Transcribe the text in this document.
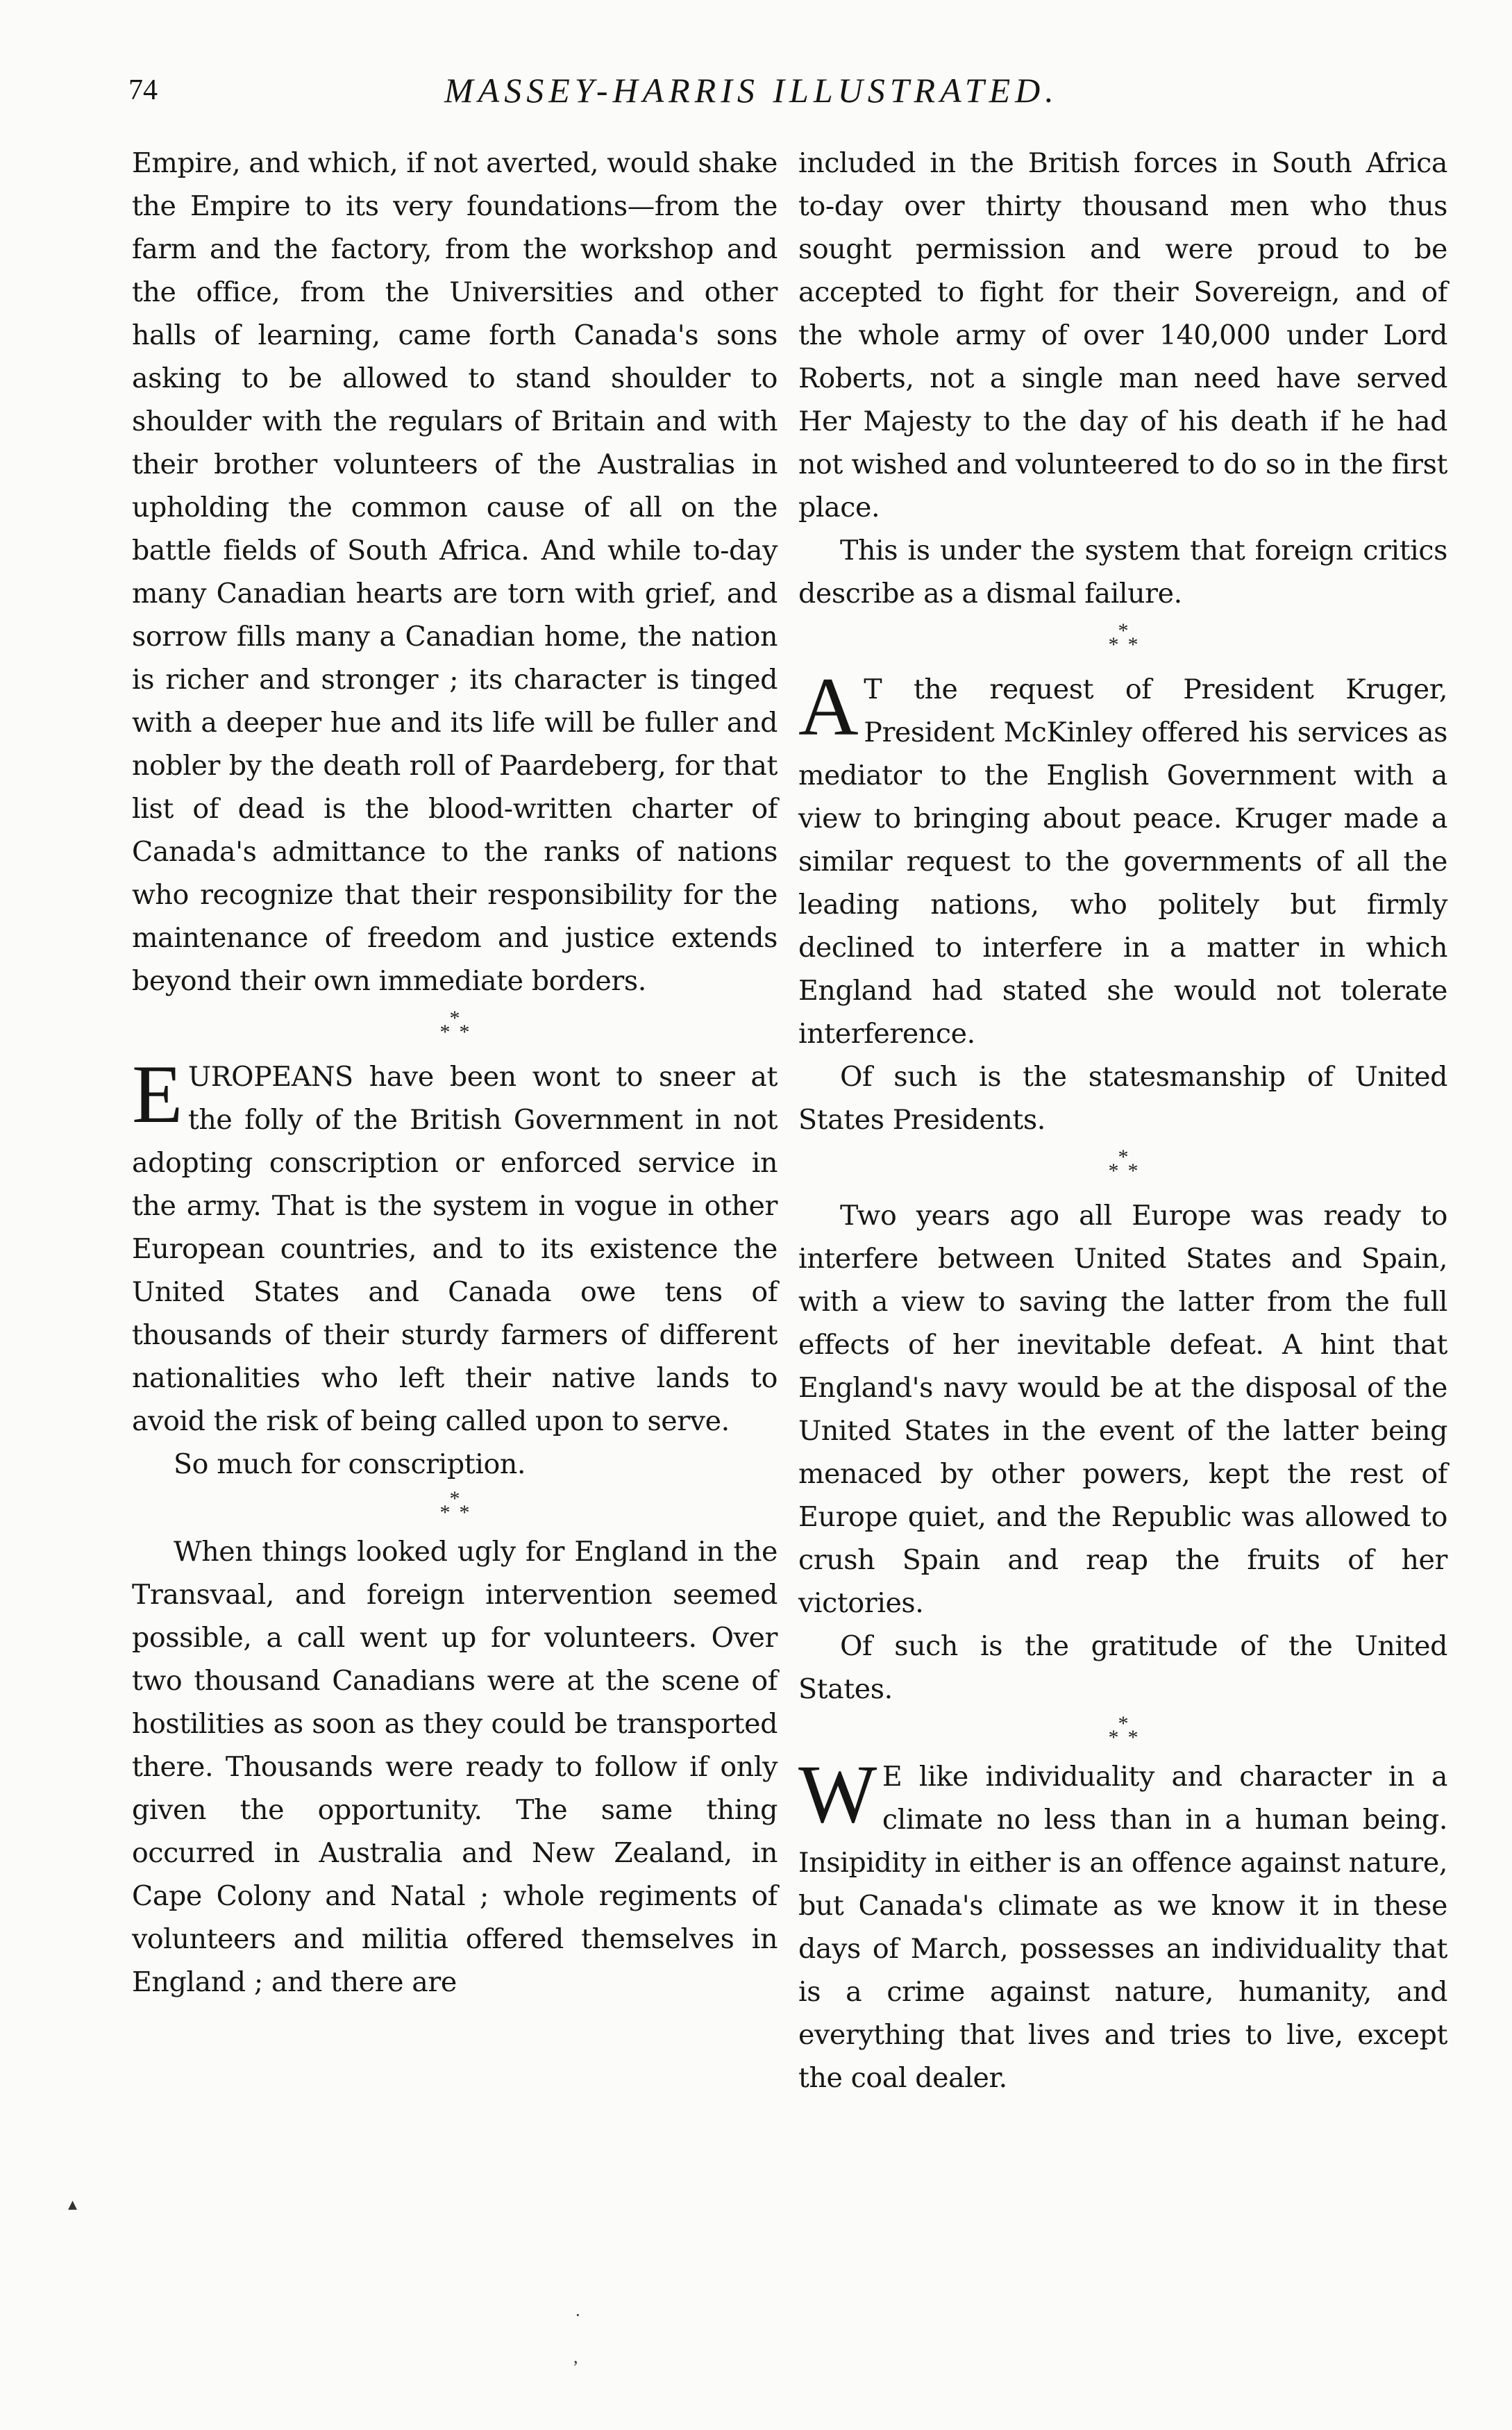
74	MASSEY-HARRIS ILLUSTRATED.

Empire, and which, if not averted, would shake the Empire to its very foundations—from the farm and the factory, from the workshop and the office, from the Universities and other halls of learning, came forth Canada's sons asking to be allowed to stand shoulder to shoulder with the regulars of Britain and with their brother volunteers of the Australias in upholding the common cause of all on the battle fields of South Africa. And while to-day many Canadian hearts are torn with grief, and sorrow fills many a Canadian home, the nation is richer and stronger ; its character is tinged with a deeper hue and its life will be fuller and nobler by the death roll of Paardeberg, for that list of dead is the blood-written charter of Canada's admittance to the ranks of nations who recognize that their responsibility for the maintenance of freedom and justice extends beyond their own immediate borders.

*
* *

EUROPEANS have been wont to sneer at the folly of the British Government in not adopting conscription or enforced service in the army. That is the system in vogue in other European countries, and to its existence the United States and Canada owe tens of thousands of their sturdy farmers of different nationalities who left their native lands to avoid the risk of being called upon to serve.

So much for conscription.

*
* *

When things looked ugly for England in the Transvaal, and foreign intervention seemed possible, a call went up for volunteers. Over two thousand Canadians were at the scene of hostilities as soon as they could be transported there. Thousands were ready to follow if only given the opportunity. The same thing occurred in Australia and New Zealand, in Cape Colony and Natal ; whole regiments of volunteers and militia offered themselves in England ; and there are

included in the British forces in South Africa to-day over thirty thousand men who thus sought permission and were proud to be accepted to fight for their Sovereign, and of the whole army of over 140,000 under Lord Roberts, not a single man need have served Her Majesty to the day of his death if he had not wished and volunteered to do so in the first place.

This is under the system that foreign critics describe as a dismal failure.

*
* *

A T the request of President Kruger, President McKinley offered his services as mediator to the English Government with a view to bringing about peace. Kruger made a similar request to the governments of all the leading nations, who politely but firmly declined to interfere in a matter in which England had stated she would not tolerate interference.

Of such is the statesmanship of United States Presidents.

*
* *

Two years ago all Europe was ready to interfere between United States and Spain, with a view to saving the latter from the full effects of her inevitable defeat. A hint that England's navy would be at the disposal of the United States in the event of the latter being menaced by other powers, kept the rest of Europe quiet, and the Republic was allowed to crush Spain and reap the fruits of her victories.

Of such is the gratitude of the United States.

*
* *

W E like individuality and character in a climate no less than in a human being. Insipidity in either is an offence against nature, but Canada's climate as we know it in these days of March, possesses an individuality that is a crime against nature, humanity, and everything that lives and tries to live, except the coal dealer.

▴
·
,
